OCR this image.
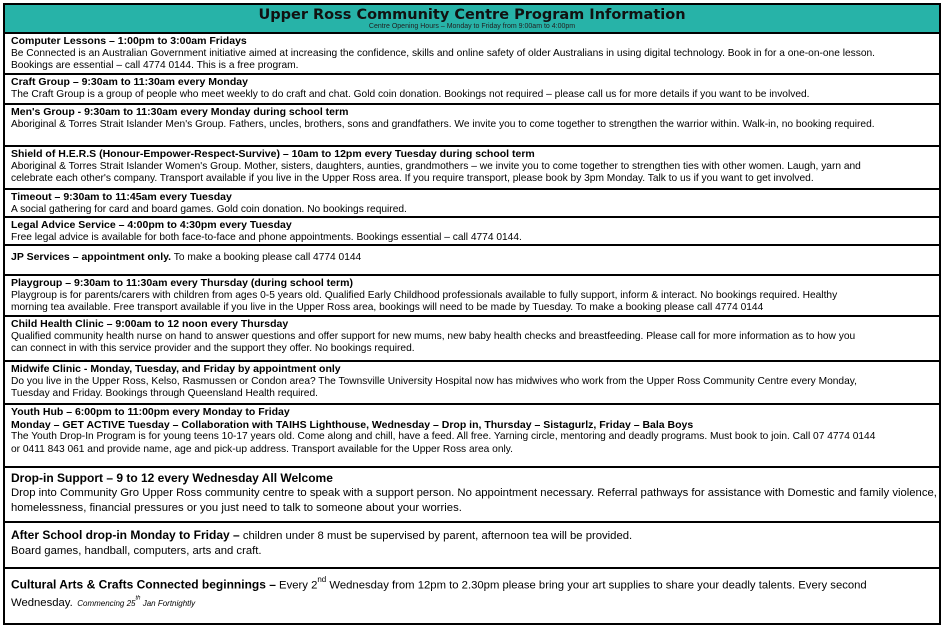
Upper Ross Community Centre Program Information
Centre Opening Hours – Monday to Friday from 9:00am to 4:00pm
Computer Lessons – 1:00pm to 3:00am Fridays
Be Connected is an Australian Government initiative aimed at increasing the confidence, skills and online safety of older Australians in using digital technology. Book in for a one-on-one lesson.
Bookings are essential – call 4774 0144. This is a free program.
Craft Group – 9:30am to 11:30am every Monday
The Craft Group is a group of people who meet weekly to do craft and chat. Gold coin donation. Bookings not required – please call us for more details if you want to be involved.
Men's Group - 9:30am to 11:30am every Monday during school term
Aboriginal & Torres Strait Islander Men's Group. Fathers, uncles, brothers, sons and grandfathers. We invite you to come together to strengthen the warrior within. Walk-in, no booking required.
Shield of H.E.R.S (Honour-Empower-Respect-Survive) – 10am to 12pm every Tuesday during school term
Aboriginal & Torres Strait Islander Women's Group. Mother, sisters, daughters, aunties, grandmothers – we invite you to come together to strengthen ties with other women. Laugh, yarn and
celebrate each other's company. Transport available if you live in the Upper Ross area. If you require transport, please book by 3pm Monday. Talk to us if you want to get involved.
Timeout – 9:30am to 11:45am every Tuesday
A social gathering for card and board games. Gold coin donation. No bookings required.
Legal Advice Service – 4:00pm to 4:30pm every Tuesday
Free legal advice is available for both face-to-face and phone appointments. Bookings essential – call 4774 0144.
JP Services – appointment only. To make a booking please call 4774 0144
Playgroup – 9:30am to 11:30am every Thursday (during school term)
Playgroup is for parents/carers with children from ages 0-5 years old. Qualified Early Childhood professionals available to fully support, inform & interact. No bookings required. Healthy
morning tea available. Free transport available if you live in the Upper Ross area, bookings will need to be made by Tuesday. To make a booking please call 4774 0144
Child Health Clinic – 9:00am to 12 noon every Thursday
Qualified community health nurse on hand to answer questions and offer support for new mums, new baby health checks and breastfeeding. Please call for more information as to how you
can connect in with this service provider and the support they offer. No bookings required.
Midwife Clinic - Monday, Tuesday, and Friday by appointment only
Do you live in the Upper Ross, Kelso, Rasmussen or Condon area? The Townsville University Hospital now has midwives who work from the Upper Ross Community Centre every Monday,
Tuesday and Friday. Bookings through Queensland Health required.
Youth Hub – 6:00pm to 11:00pm every Monday to Friday
Monday – GET ACTIVE Tuesday – Collaboration with TAIHS Lighthouse, Wednesday – Drop in, Thursday – Sistagurlz, Friday – Bala Boys
The Youth Drop-In Program is for young teens 10-17 years old. Come along and chill, have a feed. All free. Yarning circle, mentoring and deadly programs. Must book to join. Call 07 4774 0144
or 0411 843 061 and provide name, age and pick-up address. Transport available for the Upper Ross area only.
Drop-in Support – 9 to 12 every Wednesday All Welcome
Drop into Community Gro Upper Ross community centre to speak with a support person. No appointment necessary. Referral pathways for assistance with Domestic and family violence,
homelessness, financial pressures or you just need to talk to someone about your worries.
After School drop-in Monday to Friday – children under 8 must be supervised by parent, afternoon tea will be provided.
Board games, handball, computers, arts and craft.
Cultural Arts & Crafts Connected beginnings – Every 2nd Wednesday from 12pm to 2.30pm please bring your art supplies to share your deadly talents. Every second
Wednesday. Commencing 25th Jan Fortnightly
